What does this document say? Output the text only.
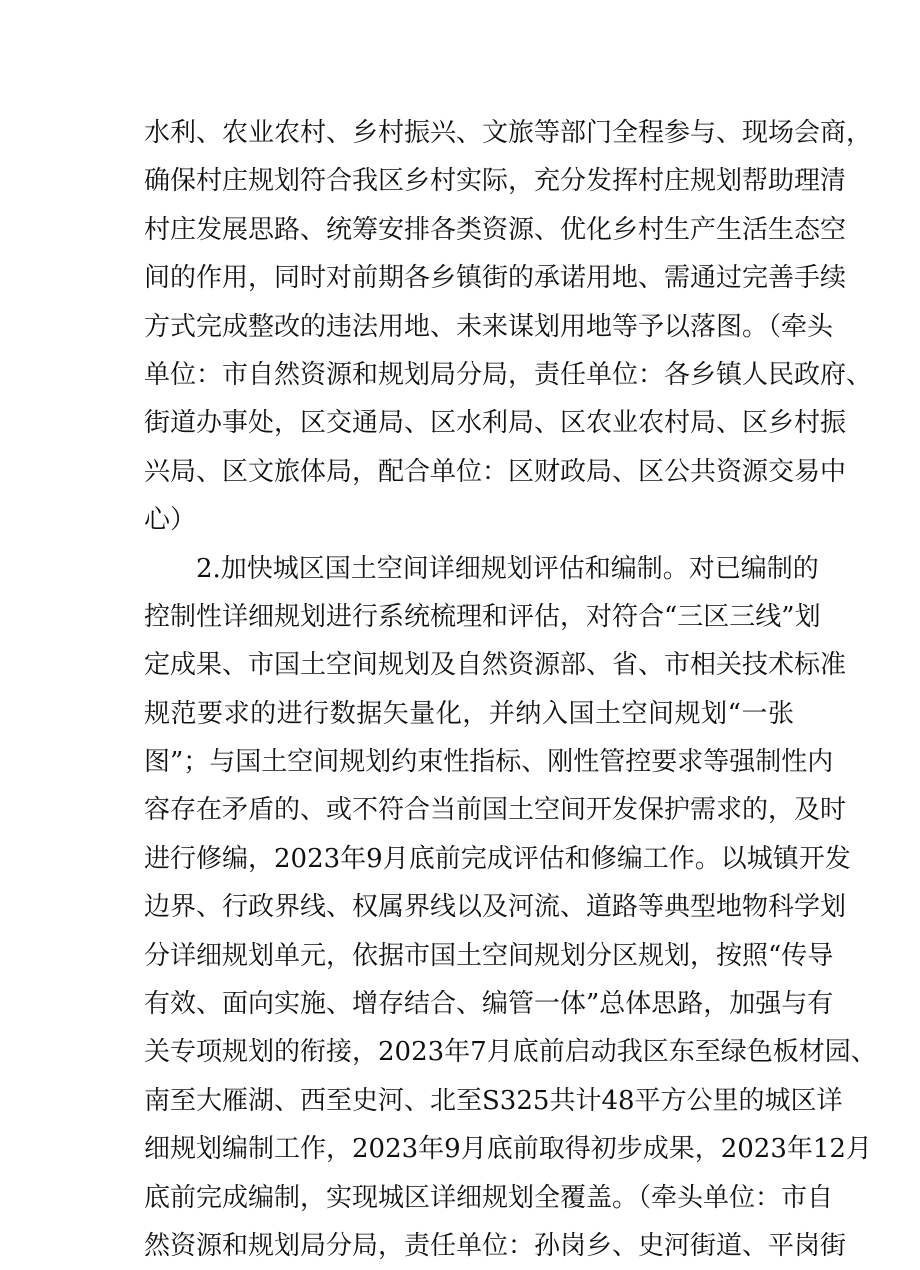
水利、农业农村、乡村振兴、文旅等部门全程参与、现场会商，
确保村庄规划符合我区乡村实际，充分发挥村庄规划帮助理清
村庄发展思路、统筹安排各类资源、优化乡村生产生活生态空
间的作用，同时对前期各乡镇街的承诺用地、需通过完善手续
方式完成整改的违法用地、未来谋划用地等予以落图。（牵头
单位：市自然资源和规划局分局，责任单位：各乡镇人民政府、
街道办事处，区交通局、区水利局、区农业农村局、区乡村振
兴局、区文旅体局，配合单位：区财政局、区公共资源交易中
心）
2.加快城区国土空间详细规划评估和编制。对已编制的
控制性详细规划进行系统梳理和评估，对符合“三区三线”划
定成果、市国土空间规划及自然资源部、省、市相关技术标准
规范要求的进行数据矢量化，并纳入国土空间规划“一张
图”；与国土空间规划约束性指标、刚性管控要求等强制性内
容存在矛盾的、或不符合当前国土空间开发保护需求的，及时
进行修编，2023年9月底前完成评估和修编工作。以城镇开发
边界、行政界线、权属界线以及河流、道路等典型地物科学划
分详细规划单元，依据市国土空间规划分区规划，按照“传导
有效、面向实施、增存结合、编管一体”总体思路，加强与有
关专项规划的衔接，2023年7月底前启动我区东至绿色板材园、
南至大雁湖、西至史河、北至S325共计48平方公里的城区详
细规划编制工作，2023年9月底前取得初步成果，2023年12月
底前完成编制，实现城区详细规划全覆盖。（牵头单位：市自
然资源和规划局分局，责任单位：孙岗乡、史河街道、平岗街
